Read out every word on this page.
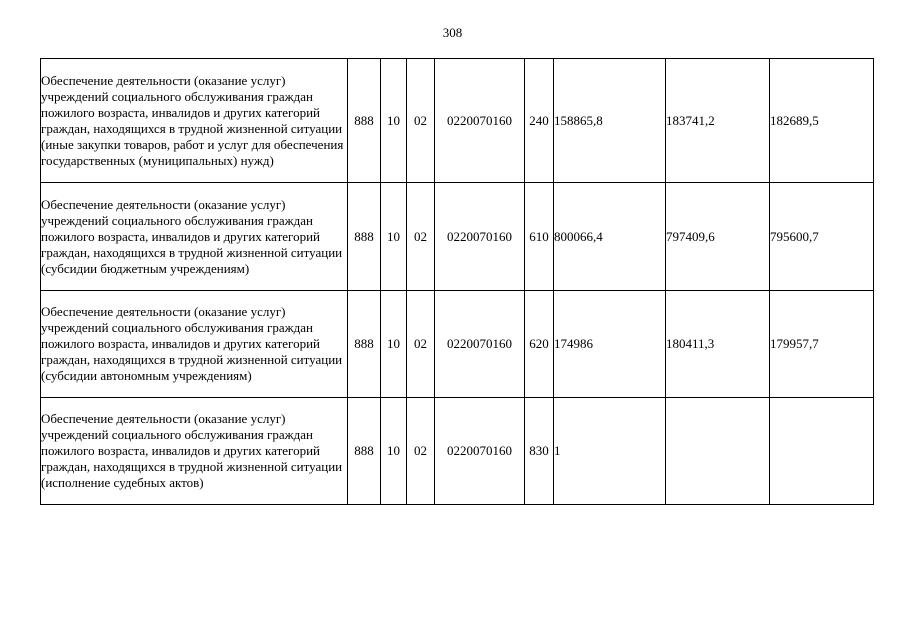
308
Обеспечение деятельности (оказание услуг) учреждений социального обслуживания граждан пожилого возраста, инвалидов и других категорий граждан, находящихся в трудной жизненной ситуации (иные закупки товаров, работ и услуг для обеспечения государственных (муниципальных) нужд)	888	10	02	0220070160	240	158865,8	183741,2	182689,5
Обеспечение деятельности (оказание услуг) учреждений социального обслуживания граждан пожилого возраста, инвалидов и других категорий граждан, находящихся в трудной жизненной ситуации (субсидии бюджетным учреждениям)	888	10	02	0220070160	610	800066,4	797409,6	795600,7
Обеспечение деятельности (оказание услуг) учреждений социального обслуживания граждан пожилого возраста, инвалидов и других категорий граждан, находящихся в трудной жизненной ситуации (субсидии автономным учреждениям)	888	10	02	0220070160	620	174986	180411,3	179957,7
Обеспечение деятельности (оказание услуг) учреждений социального обслуживания граждан пожилого возраста, инвалидов и других категорий граждан, находящихся в трудной жизненной ситуации (исполнение судебных актов)	888	10	02	0220070160	830	1		
